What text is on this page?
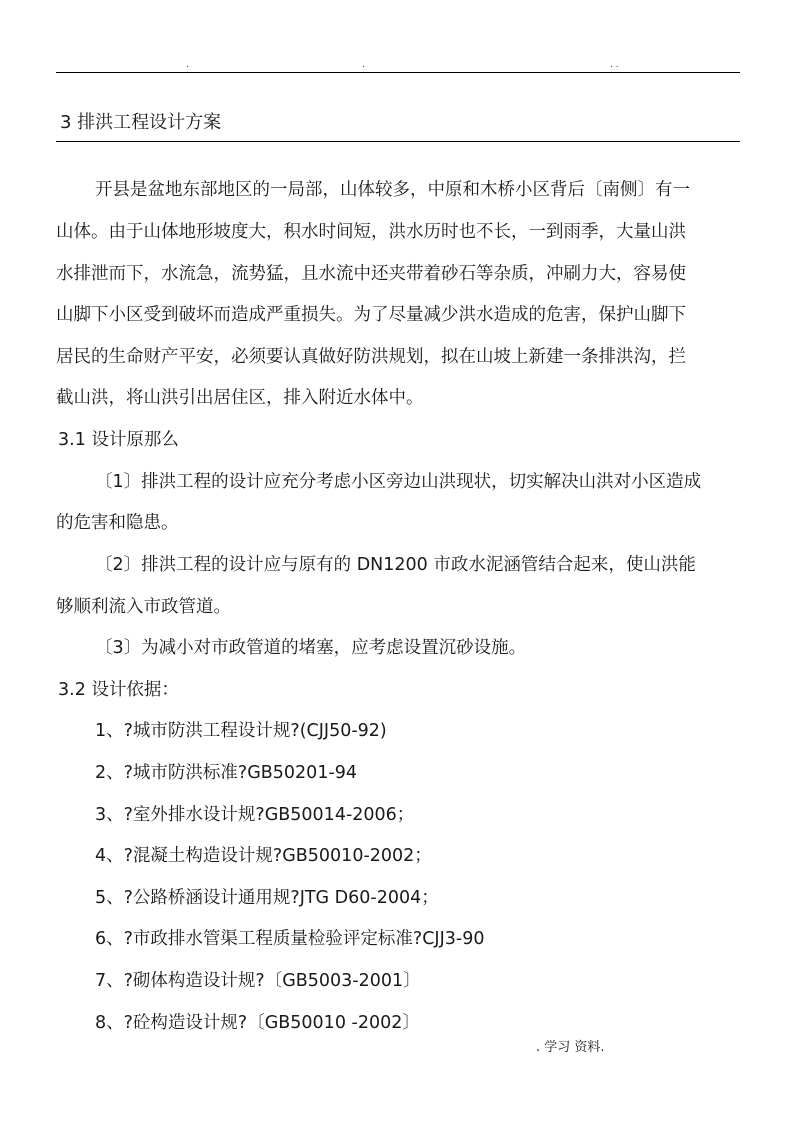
.	.	. .
3 排洪工程设计方案
开县是盆地东部地区的一局部，山体较多，中原和木桥小区背后〔南侧〕有一
山体。由于山体地形坡度大，积水时间短，洪水历时也不长，一到雨季，大量山洪
水排泄而下，水流急，流势猛，且水流中还夹带着砂石等杂质，冲刷力大，容易使
山脚下小区受到破坏而造成严重损失。为了尽量减少洪水造成的危害，保护山脚下
居民的生命财产平安，必须要认真做好防洪规划，拟在山坡上新建一条排洪沟，拦
截山洪，将山洪引出居住区，排入附近水体中。
3.1 设计原那么
〔1〕排洪工程的设计应充分考虑小区旁边山洪现状，切实解决山洪对小区造成
的危害和隐患。
〔2〕排洪工程的设计应与原有的 DN1200 市政水泥涵管结合起来，使山洪能
够顺利流入市政管道。
〔3〕为减小对市政管道的堵塞，应考虑设置沉砂设施。
3.2 设计依据：
1、?城市防洪工程设计规?(CJJ50-92)
2、?城市防洪标准?GB50201-94
3、?室外排水设计规?GB50014-2006；
4、?混凝土构造设计规?GB50010-2002；
5、?公路桥涵设计通用规?JTG D60-2004；
6、?市政排水管渠工程质量检验评定标准?CJJ3-90
7、?砌体构造设计规?〔GB5003-2001〕
8、?砼构造设计规?〔GB50010 -2002〕
. 学习 资料.
